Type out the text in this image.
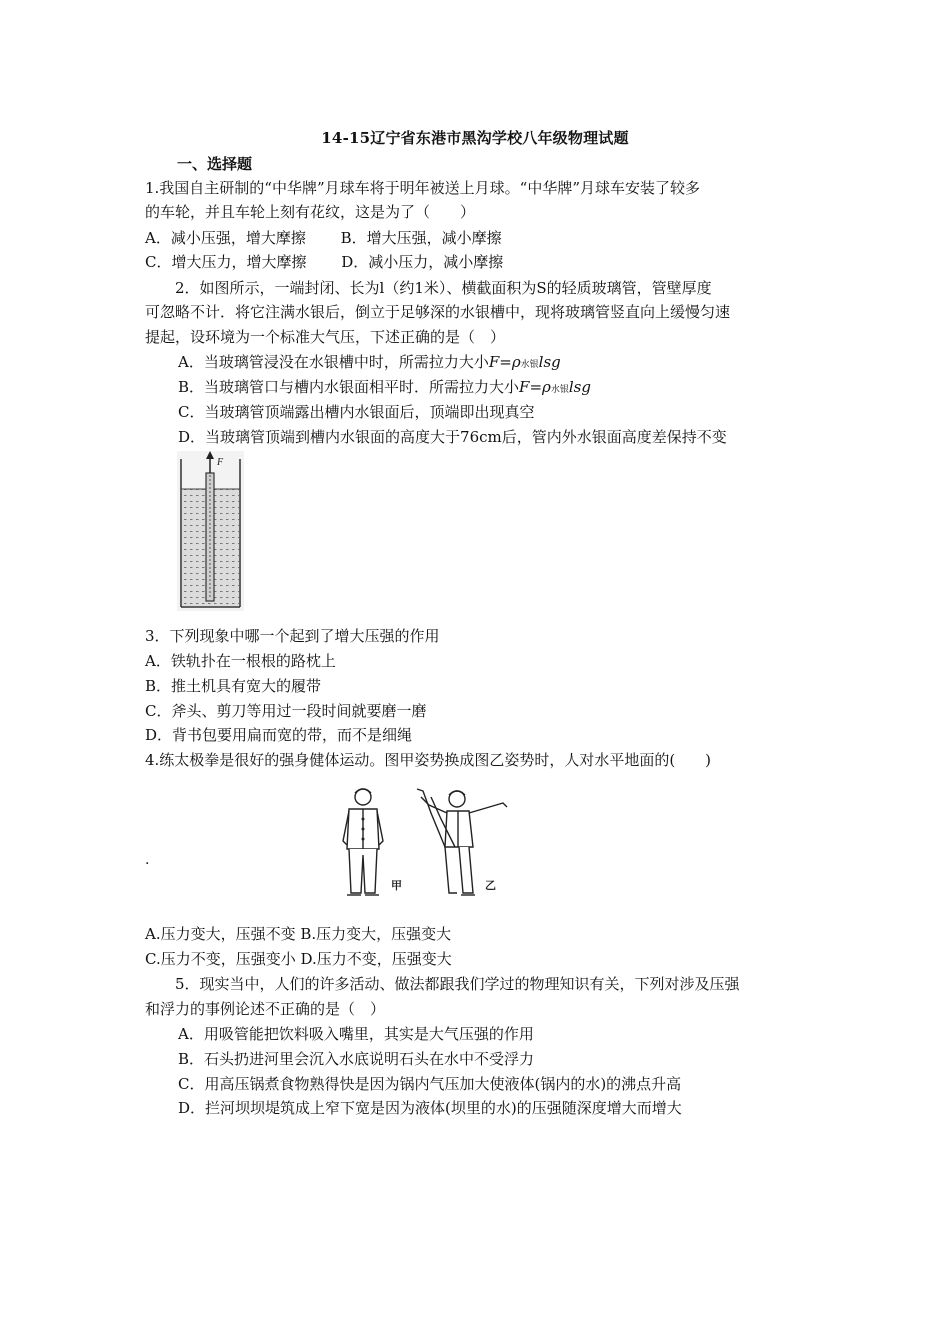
14-15辽宁省东港市黑沟学校八年级物理试题
一、选择题
1.我国自主研制的“中华牌”月球车将于明年被送上月球。“中华牌”月球车安装了较多
的车轮，并且车轮上刻有花纹，这是为了（　　）
A．减小压强，增大摩擦　　 B．增大压强，减小摩擦
C．增大压力，增大摩擦　　 D．减小压力，减小摩擦
2．如图所示，一端封闭、长为l（约1米）、横截面积为S的轻质玻璃管，管壁厚度
可忽略不计．将它注满水银后，倒立于足够深的水银槽中，现将玻璃管竖直向上缓慢匀速
提起，设环境为一个标准大气压，下述正确的是（　）
A．当玻璃管浸没在水银槽中时，所需拉力大小F=ρ水银lsg
B．当玻璃管口与槽内水银面相平时．所需拉力大小F=ρ水银lsg
C．当玻璃管顶端露出槽内水银面后，顶端即出现真空
D．当玻璃管顶端到槽内水银面的高度大于76cm后，管内外水银面高度差保持不变
F
3．下列现象中哪一个起到了增大压强的作用
A．铁轨扑在一根根的路枕上
B．推土机具有宽大的履带
C．斧头、剪刀等用过一段时间就要磨一磨
D．背书包要用扁而宽的带，而不是细绳
4.练太极拳是很好的强身健体运动。图甲姿势换成图乙姿势时，人对水平地面的(　　)
.
甲	乙
A.压力变大，压强不变 B.压力变大，压强变大
C.压力不变，压强变小 D.压力不变，压强变大
5．现实当中，人们的许多活动、做法都跟我们学过的物理知识有关，下列对涉及压强
和浮力的事例论述不正确的是（　）
A．用吸管能把饮料吸入嘴里，其实是大气压强的作用
B．石头扔进河里会沉入水底说明石头在水中不受浮力
C．用高压锅煮食物熟得快是因为锅内气压加大使液体(锅内的水)的沸点升高
D．拦河坝坝堤筑成上窄下宽是因为液体(坝里的水)的压强随深度增大而增大
